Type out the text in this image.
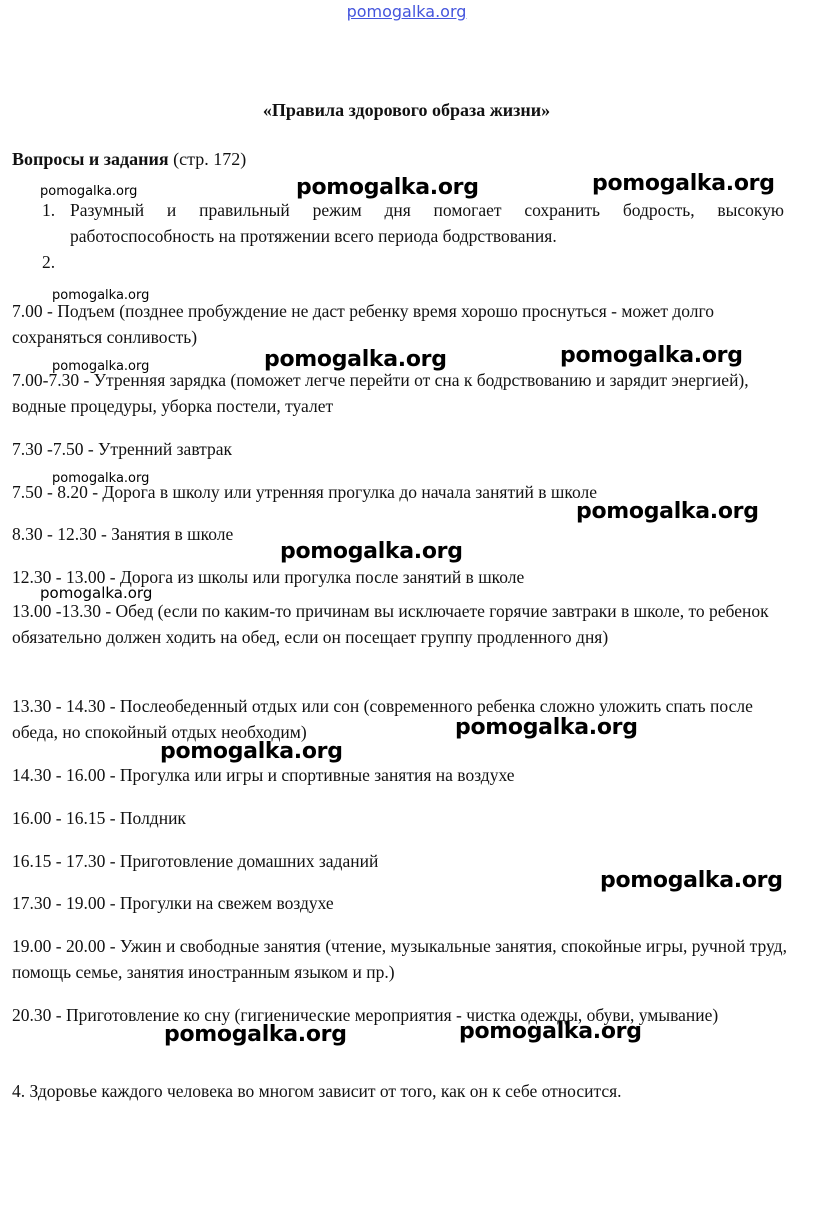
pomogalka.org
«Правила здорового образа жизни»
Вопросы и задания (стр. 172)
1. Разумный и правильный режим дня помогает сохранить бодрость, высокую работоспособность на протяжении всего периода бодрствования.
2.

7.00 - Подъем (позднее пробуждение не даст ребенку время хорошо проснуться - может долго сохраняться сонливость)

7.00-7.30 - Утренняя зарядка (поможет легче перейти от сна к бодрствованию и зарядит энергией), водные процедуры, уборка постели, туалет

7.30 -7.50 - Утренний завтрак

7.50 - 8.20 - Дорога в школу или утренняя прогулка до начала занятий в школе

8.30 - 12.30 - Занятия в школе

12.30 - 13.00 - Дорога из школы или прогулка после занятий в школе

13.00 -13.30 - Обед (если по каким-то причинам вы исключаете горячие завтраки в школе, то ребенок обязательно должен ходить на обед, если он посещает группу продленного дня)

13.30 - 14.30 - Послеобеденный отдых или сон (современного ребенка сложно уложить спать после обеда, но спокойный отдых необходим)

14.30 - 16.00 - Прогулка или игры и спортивные занятия на воздухе

16.00 - 16.15 - Полдник

16.15 - 17.30 - Приготовление домашних заданий

17.30 - 19.00 - Прогулки на свежем воздухе

19.00 - 20.00 - Ужин и свободные занятия (чтение, музыкальные занятия, спокойные игры, ручной труд, помощь семье, занятия иностранным языком и пр.)

20.30 - Приготовление ко сну (гигиенические мероприятия - чистка одежды, обуви, умывание)

4. Здоровье каждого человека во многом зависит от того, как он к себе относится.

pomogalka.org	pomogalka.org	pomogalka.org
pomogalka.org
pomogalka.org	pomogalka.org	pomogalka.org
pomogalka.org
pomogalka.org
pomogalka.org
pomogalka.org
pomogalka.org
pomogalka.org
pomogalka.org
pomogalka.org	pomogalka.org
